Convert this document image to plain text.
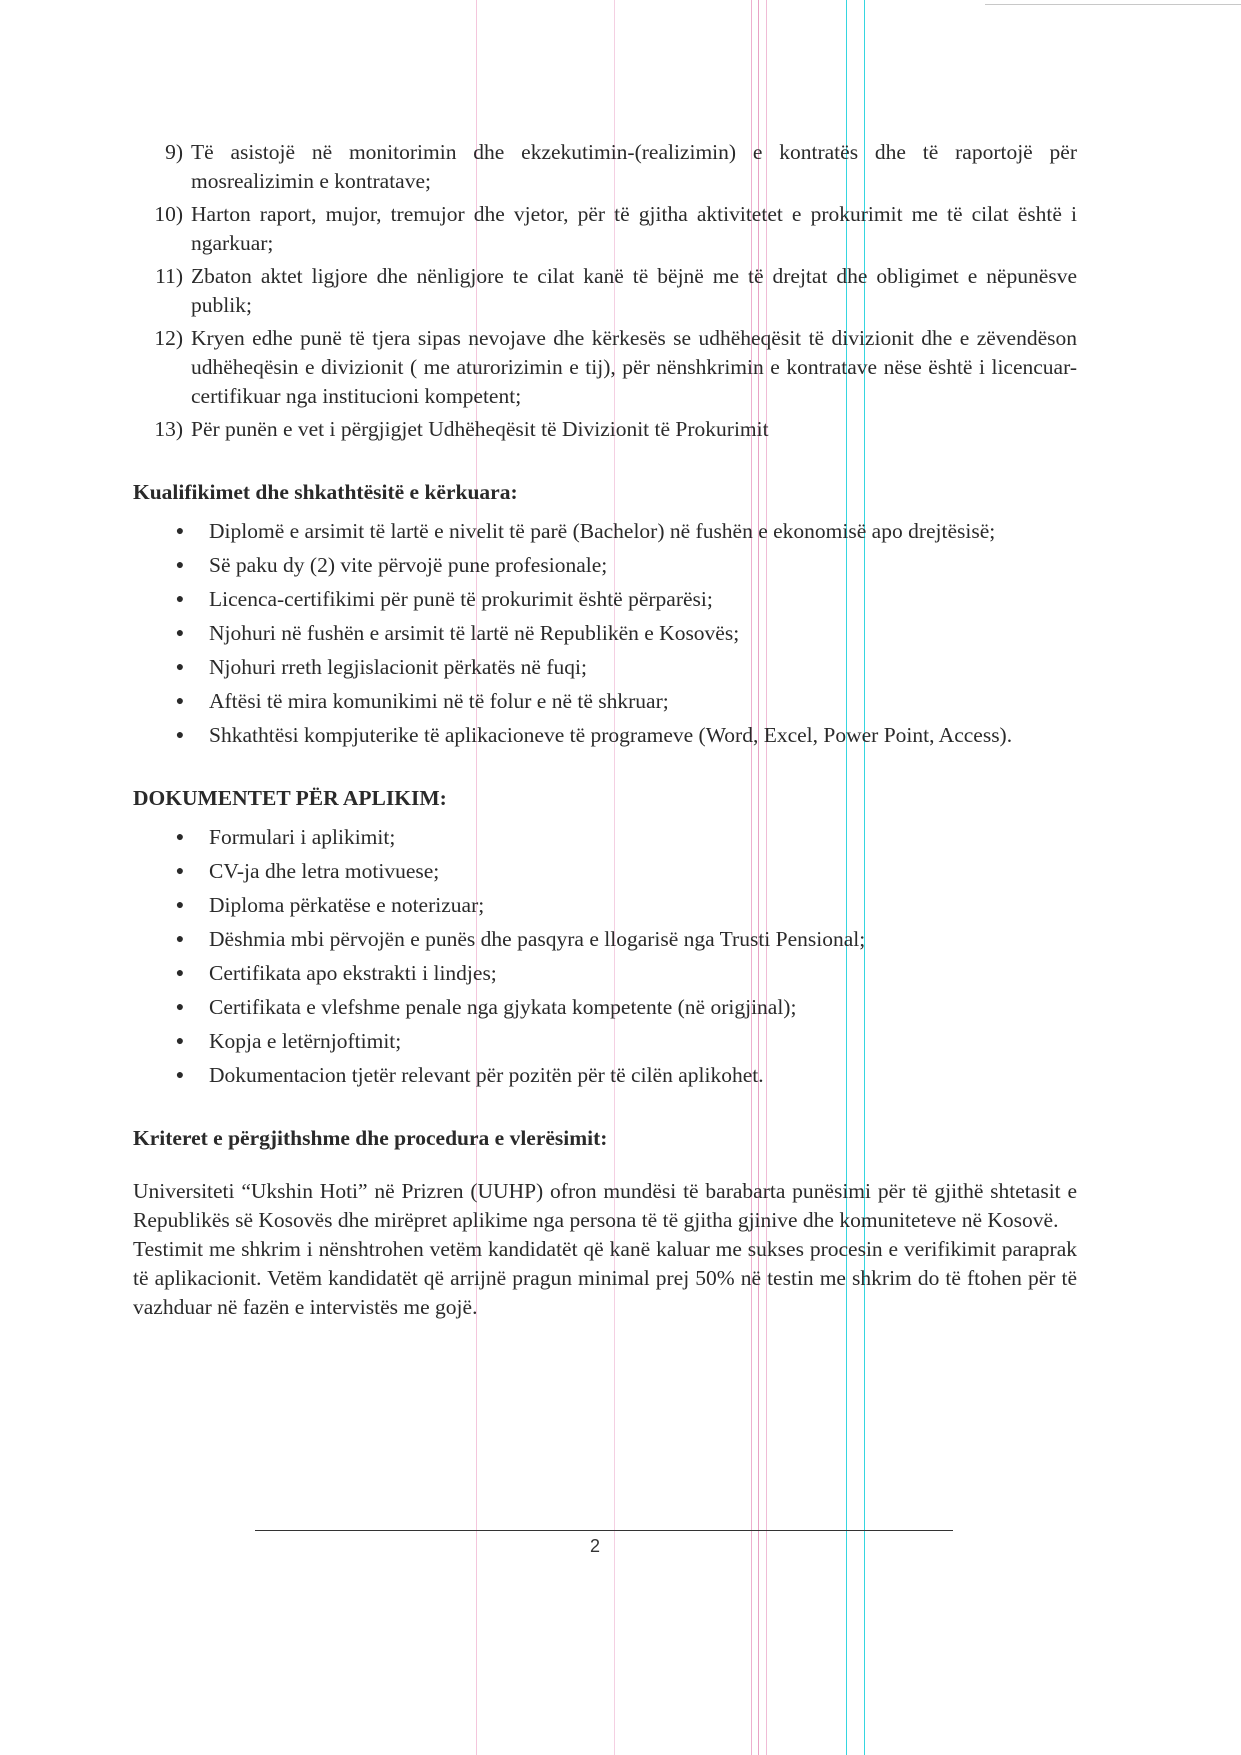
9) Të asistojë në monitorimin dhe ekzekutimin-(realizimin) e kontratës dhe të raportojë për mosrealizimin e kontratave;
10) Harton raport, mujor, tremujor dhe vjetor, për të gjitha aktivitetet e prokurimit me të cilat është i ngarkuar;
11) Zbaton aktet ligjore dhe nënligjore te cilat kanë të bëjnë me të drejtat dhe obligimet e nëpunësve publik;
12) Kryen edhe punë të tjera sipas nevojave dhe kërkesës se udhëheqësit të divizionit dhe e zëvendëson udhëheqësin e divizionit ( me aturorizimin e tij), për nënshkrimin e kontratave nëse është i licencuar-certifikuar nga institucioni kompetent;
13) Për punën e vet i përgjigjet Udhëheqësit të Divizionit të Prokurimit
Kualifikimet dhe shkathtësitë e kërkuara:
● Diplomë e arsimit të lartë e nivelit të parë (Bachelor) në fushën e ekonomisë apo drejtësisë;
● Së paku dy (2) vite përvojë pune profesionale;
● Licenca-certifikimi për punë të prokurimit është përparësi;
● Njohuri në fushën e arsimit të lartë në Republikën e Kosovës;
● Njohuri rreth legjislacionit përkatës në fuqi;
● Aftësi të mira komunikimi në të folur e në të shkruar;
● Shkathtësi kompjuterike të aplikacioneve të programeve (Word, Excel, Power Point, Access).
DOKUMENTET PËR APLIKIM:
● Formulari i aplikimit;
● CV-ja dhe letra motivuese;
● Diploma përkatëse e noterizuar;
● Dëshmia mbi përvojën e punës dhe pasqyra e llogarisë nga Trusti Pensional;
● Certifikata apo ekstrakti i lindjes;
● Certifikata e vlefshme penale nga gjykata kompetente (në origjinal);
● Kopja e letërnjoftimit;
● Dokumentacion tjetër relevant për pozitën për të cilën aplikohet.
Kriteret e përgjithshme dhe procedura e vlerësimit:

Universiteti “Ukshin Hoti” në Prizren (UUHP) ofron mundësi të barabarta punësimi për të gjithë shtetasit e Republikës së Kosovës dhe mirëpret aplikime nga persona të të gjitha gjinive dhe komuniteteve në Kosovë.

Testimit me shkrim i nënshtrohen vetëm kandidatët që kanë kaluar me sukses procesin e verifikimit paraprak të aplikacionit. Vetëm kandidatët që arrijnë pragun minimal prej 50% në testin me shkrim do të ftohen për të vazhduar në fazën e intervistës me gojë.

2
